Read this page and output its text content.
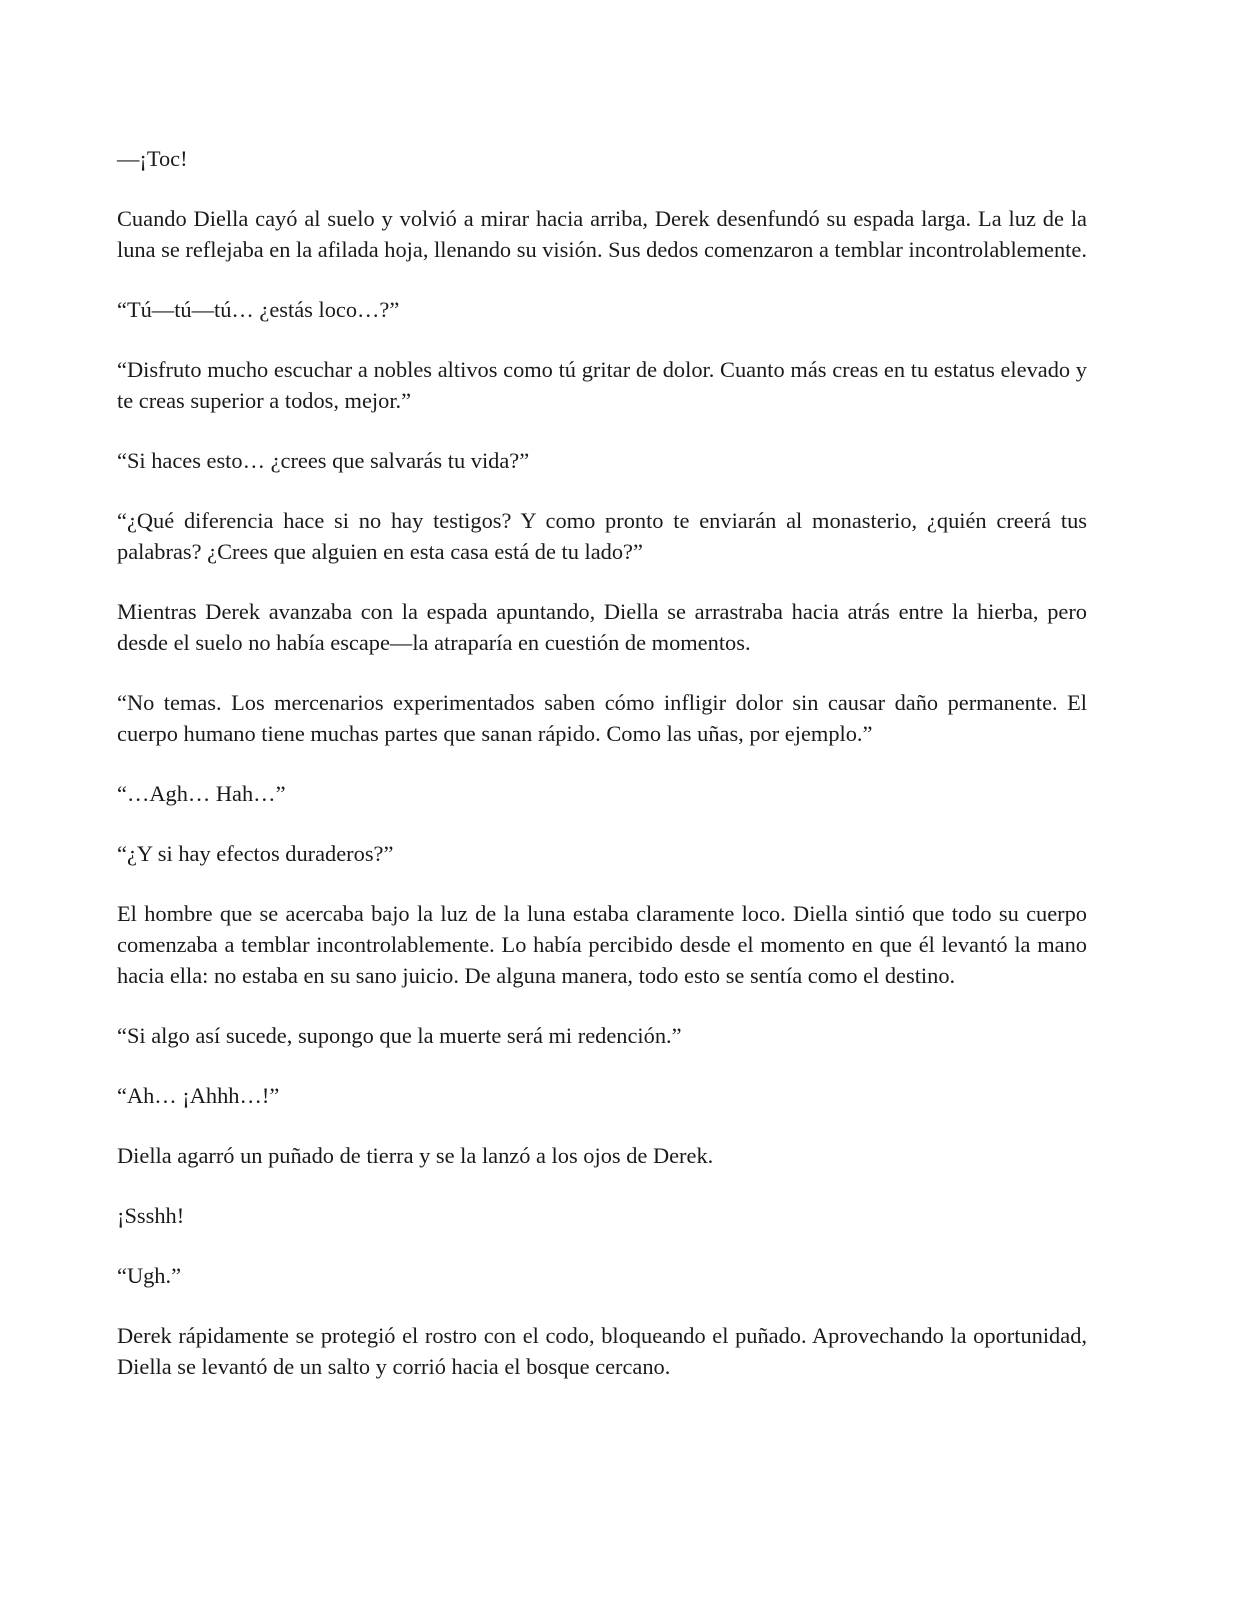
—¡Toc!

Cuando Diella cayó al suelo y volvió a mirar hacia arriba, Derek desenfundó su espada larga. La luz de la luna se reflejaba en la afilada hoja, llenando su visión. Sus dedos comenzaron a temblar incontrolablemente.

“Tú—tú—tú… ¿estás loco…?”

“Disfruto mucho escuchar a nobles altivos como tú gritar de dolor. Cuanto más creas en tu estatus elevado y te creas superior a todos, mejor.”

“Si haces esto… ¿crees que salvarás tu vida?”

“¿Qué diferencia hace si no hay testigos? Y como pronto te enviarán al monasterio, ¿quién creerá tus palabras? ¿Crees que alguien en esta casa está de tu lado?”

Mientras Derek avanzaba con la espada apuntando, Diella se arrastraba hacia atrás entre la hierba, pero desde el suelo no había escape—la atraparía en cuestión de momentos.

“No temas. Los mercenarios experimentados saben cómo infligir dolor sin causar daño permanente. El cuerpo humano tiene muchas partes que sanan rápido. Como las uñas, por ejemplo.”

“…Agh… Hah…”

“¿Y si hay efectos duraderos?”

El hombre que se acercaba bajo la luz de la luna estaba claramente loco. Diella sintió que todo su cuerpo comenzaba a temblar incontrolablemente. Lo había percibido desde el momento en que él levantó la mano hacia ella: no estaba en su sano juicio. De alguna manera, todo esto se sentía como el destino.

“Si algo así sucede, supongo que la muerte será mi redención.”

“Ah… ¡Ahhh…!”

Diella agarró un puñado de tierra y se la lanzó a los ojos de Derek.

¡Ssshh!

“Ugh.”

Derek rápidamente se protegió el rostro con el codo, bloqueando el puñado. Aprovechando la oportunidad, Diella se levantó de un salto y corrió hacia el bosque cercano.
